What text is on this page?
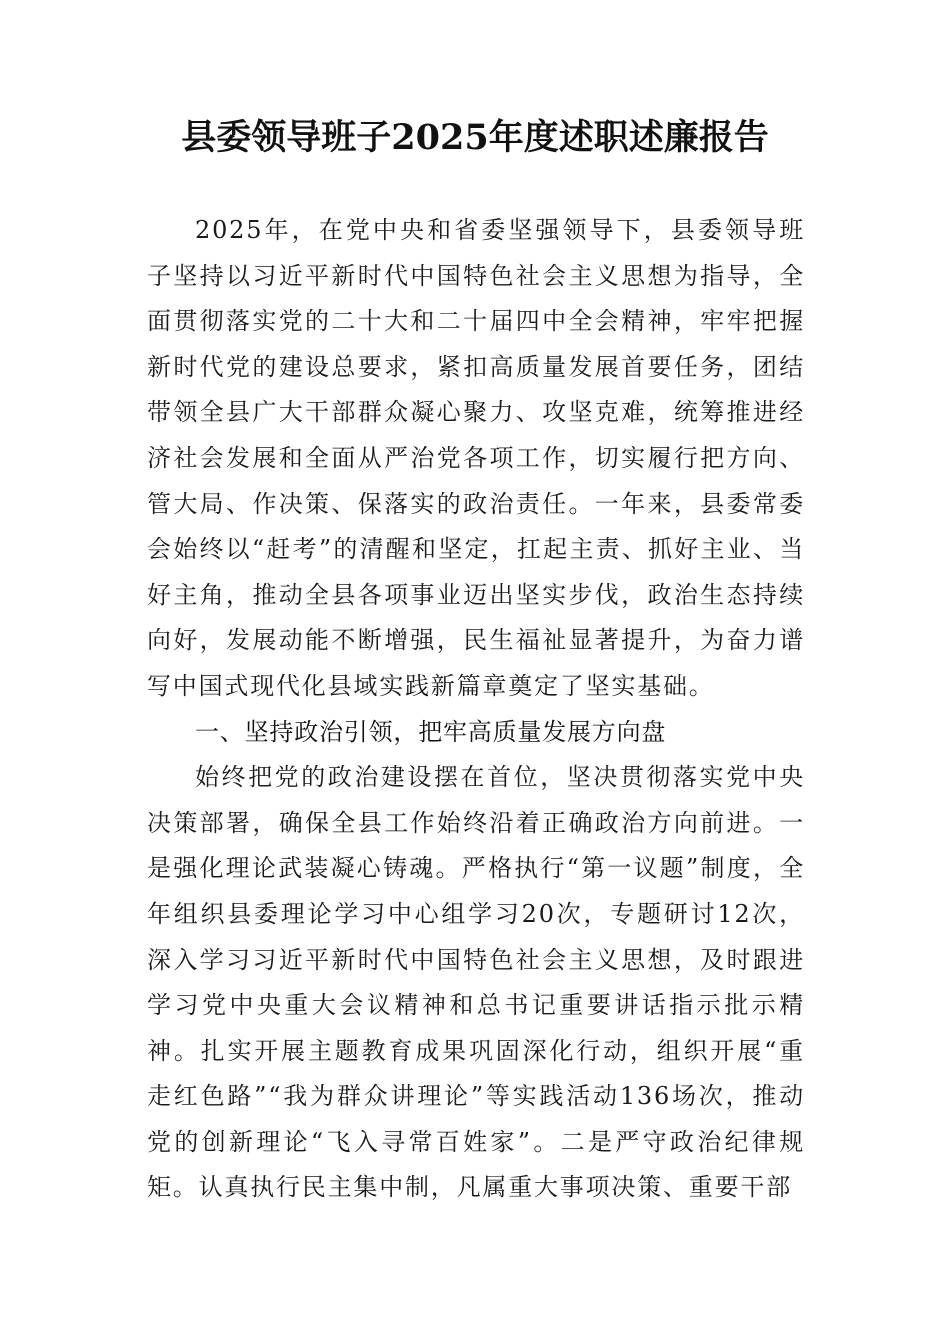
县委领导班子2025年度述职述廉报告

2025年，在党中央和省委坚强领导下，县委领导班子坚持以习近平新时代中国特色社会主义思想为指导，全面贯彻落实党的二十大和二十届四中全会精神，牢牢把握新时代党的建设总要求，紧扣高质量发展首要任务，团结带领全县广大干部群众凝心聚力、攻坚克难，统筹推进经济社会发展和全面从严治党各项工作，切实履行把方向、管大局、作决策、保落实的政治责任。一年来，县委常委会始终以“赶考”的清醒和坚定，扛起主责、抓好主业、当好主角，推动全县各项事业迈出坚实步伐，政治生态持续向好，发展动能不断增强，民生福祉显著提升，为奋力谱写中国式现代化县域实践新篇章奠定了坚实基础。

一、坚持政治引领，把牢高质量发展方向盘

始终把党的政治建设摆在首位，坚决贯彻落实党中央决策部署，确保全县工作始终沿着正确政治方向前进。一是强化理论武装凝心铸魂。严格执行“第一议题”制度，全年组织县委理论学习中心组学习20次，专题研讨12次，深入学习习近平新时代中国特色社会主义思想，及时跟进学习党中央重大会议精神和总书记重要讲话指示批示精神。扎实开展主题教育成果巩固深化行动，组织开展“重走红色路”“我为群众讲理论”等实践活动136场次，推动党的创新理论“飞入寻常百姓家”。二是严守政治纪律规矩。认真执行民主集中制，凡属重大事项决策、重要干部
